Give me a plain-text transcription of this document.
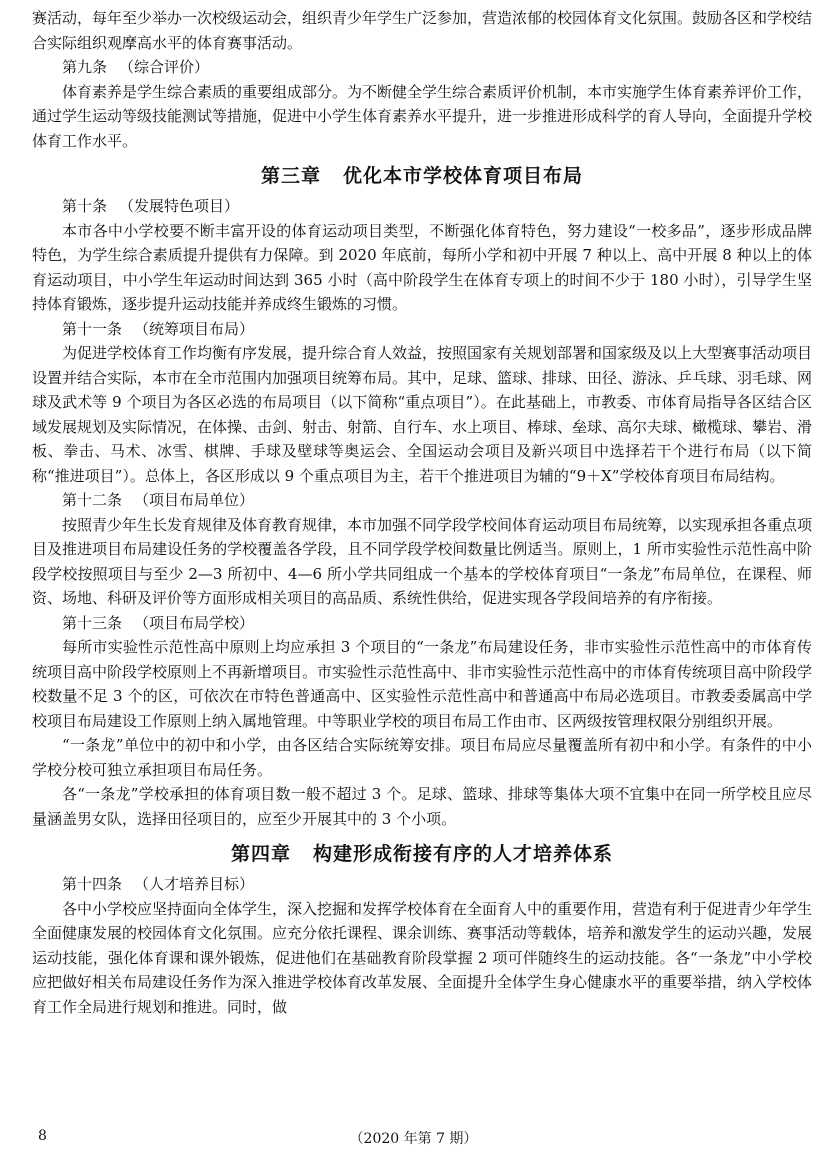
赛活动，每年至少举办一次校级运动会，组织青少年学生广泛参加，营造浓郁的校园体育文化氛围。鼓励各区和学校结合实际组织观摩高水平的体育赛事活动。

第九条 （综合评价）

体育素养是学生综合素质的重要组成部分。为不断健全学生综合素质评价机制，本市实施学生体育素养评价工作，通过学生运动等级技能测试等措施，促进中小学生体育素养水平提升，进一步推进形成科学的育人导向，全面提升学校体育工作水平。

第三章 优化本市学校体育项目布局

第十条 （发展特色项目）

本市各中小学校要不断丰富开设的体育运动项目类型，不断强化体育特色，努力建设“一校多品”，逐步形成品牌特色，为学生综合素质提升提供有力保障。到 2020 年底前，每所小学和初中开展 7 种以上、高中开展 8 种以上的体育运动项目，中小学生年运动时间达到 365 小时（高中阶段学生在体育专项上的时间不少于 180 小时），引导学生坚持体育锻炼，逐步提升运动技能并养成终生锻炼的习惯。

第十一条 （统筹项目布局）

为促进学校体育工作均衡有序发展，提升综合育人效益，按照国家有关规划部署和国家级及以上大型赛事活动项目设置并结合实际，本市在全市范围内加强项目统筹布局。其中，足球、篮球、排球、田径、游泳、乒乓球、羽毛球、网球及武术等 9 个项目为各区必选的布局项目（以下简称“重点项目”）。在此基础上，市教委、市体育局指导各区结合区域发展规划及实际情况，在体操、击剑、射击、射箭、自行车、水上项目、棒球、垒球、高尔夫球、橄榄球、攀岩、滑板、拳击、马术、冰雪、棋牌、手球及壁球等奥运会、全国运动会项目及新兴项目中选择若干个进行布局（以下简称“推进项目”）。总体上，各区形成以 9 个重点项目为主，若干个推进项目为辅的“9＋X”学校体育项目布局结构。

第十二条 （项目布局单位）

按照青少年生长发育规律及体育教育规律，本市加强不同学段学校间体育运动项目布局统筹，以实现承担各重点项目及推进项目布局建设任务的学校覆盖各学段，且不同学段学校间数量比例适当。原则上，1 所市实验性示范性高中阶段学校按照项目与至少 2—3 所初中、4—6 所小学共同组成一个基本的学校体育项目“一条龙”布局单位，在课程、师资、场地、科研及评价等方面形成相关项目的高品质、系统性供给，促进实现各学段间培养的有序衔接。

第十三条 （项目布局学校）

每所市实验性示范性高中原则上均应承担 3 个项目的“一条龙”布局建设任务，非市实验性示范性高中的市体育传统项目高中阶段学校原则上不再新增项目。市实验性示范性高中、非市实验性示范性高中的市体育传统项目高中阶段学校数量不足 3 个的区，可依次在市特色普通高中、区实验性示范性高中和普通高中布局必选项目。市教委委属高中学校项目布局建设工作原则上纳入属地管理。中等职业学校的项目布局工作由市、区两级按管理权限分别组织开展。

“一条龙”单位中的初中和小学，由各区结合实际统筹安排。项目布局应尽量覆盖所有初中和小学。有条件的中小学校分校可独立承担项目布局任务。

各“一条龙”学校承担的体育项目数一般不超过 3 个。足球、篮球、排球等集体大项不宜集中在同一所学校且应尽量涵盖男女队，选择田径项目的，应至少开展其中的 3 个小项。

第四章 构建形成衔接有序的人才培养体系

第十四条 （人才培养目标）

各中小学校应坚持面向全体学生，深入挖掘和发挥学校体育在全面育人中的重要作用，营造有利于促进青少年学生全面健康发展的校园体育文化氛围。应充分依托课程、课余训练、赛事活动等载体，培养和激发学生的运动兴趣，发展运动技能，强化体育课和课外锻炼，促进他们在基础教育阶段掌握 2 项可伴随终生的运动技能。各“一条龙”中小学校应把做好相关布局建设任务作为深入推进学校体育改革发展、全面提升全体学生身心健康水平的重要举措，纳入学校体育工作全局进行规划和推进。同时，做

8	（2020 年第 7 期）
